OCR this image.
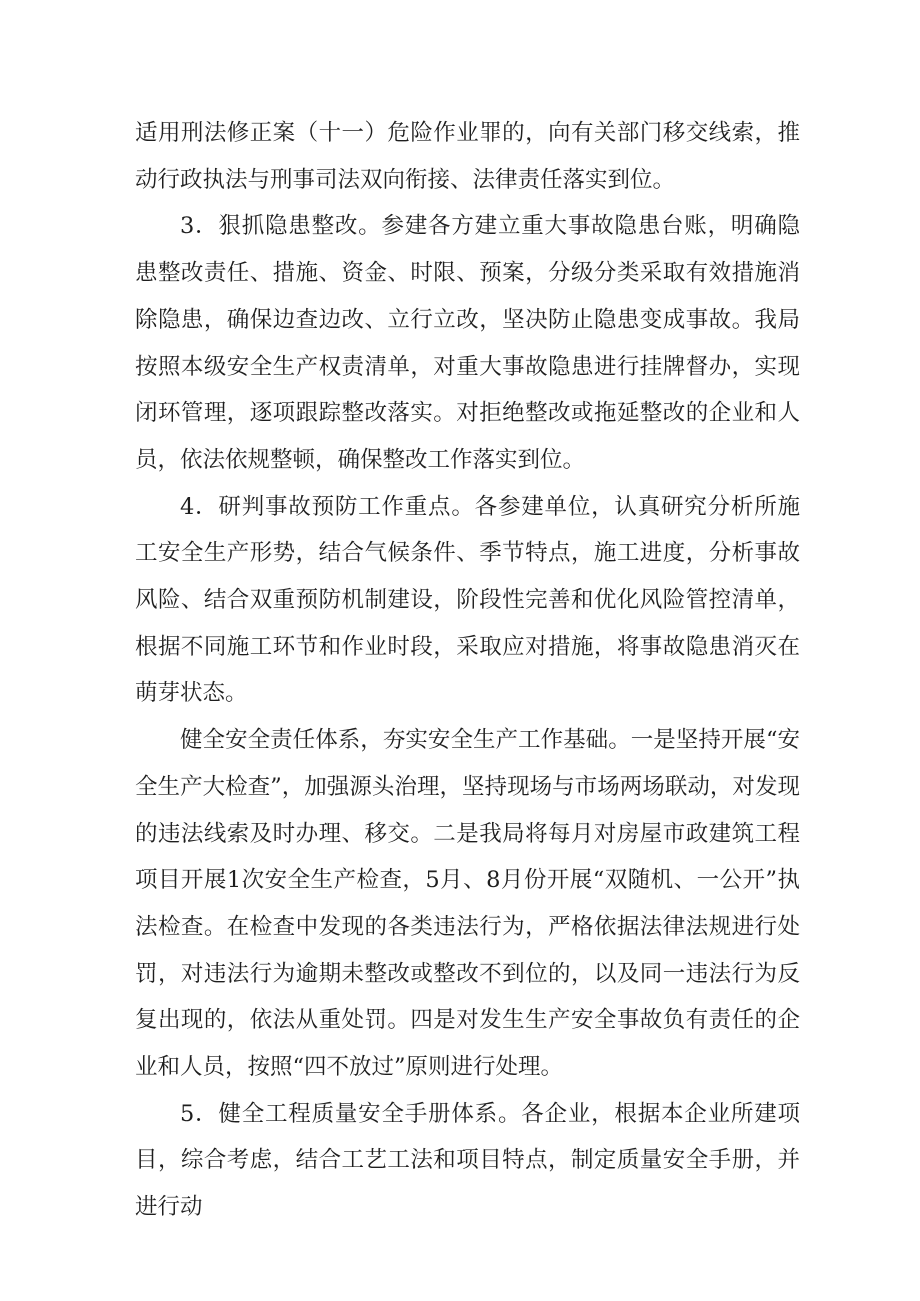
适用刑法修正案（十一）危险作业罪的，向有关部门移交线索，推动行政执法与刑事司法双向衔接、法律责任落实到位。

3．狠抓隐患整改。参建各方建立重大事故隐患台账，明确隐患整改责任、措施、资金、时限、预案，分级分类采取有效措施消除隐患，确保边查边改、立行立改，坚决防止隐患变成事故。我局按照本级安全生产权责清单，对重大事故隐患进行挂牌督办，实现闭环管理，逐项跟踪整改落实。对拒绝整改或拖延整改的企业和人员，依法依规整顿，确保整改工作落实到位。

4．研判事故预防工作重点。各参建单位，认真研究分析所施工安全生产形势，结合气候条件、季节特点，施工进度，分析事故风险、结合双重预防机制建设，阶段性完善和优化风险管控清单，根据不同施工环节和作业时段，采取应对措施，将事故隐患消灭在萌芽状态。

健全安全责任体系，夯实安全生产工作基础。一是坚持开展“安全生产大检查”，加强源头治理，坚持现场与市场两场联动，对发现的违法线索及时办理、移交。二是我局将每月对房屋市政建筑工程项目开展1次安全生产检查，5月、8月份开展“双随机、一公开”执法检查。在检查中发现的各类违法行为，严格依据法律法规进行处罚，对违法行为逾期未整改或整改不到位的，以及同一违法行为反复出现的，依法从重处罚。四是对发生生产安全事故负有责任的企业和人员，按照“四不放过”原则进行处理。

5．健全工程质量安全手册体系。各企业，根据本企业所建项目，综合考虑，结合工艺工法和项目特点，制定质量安全手册，并进行动
